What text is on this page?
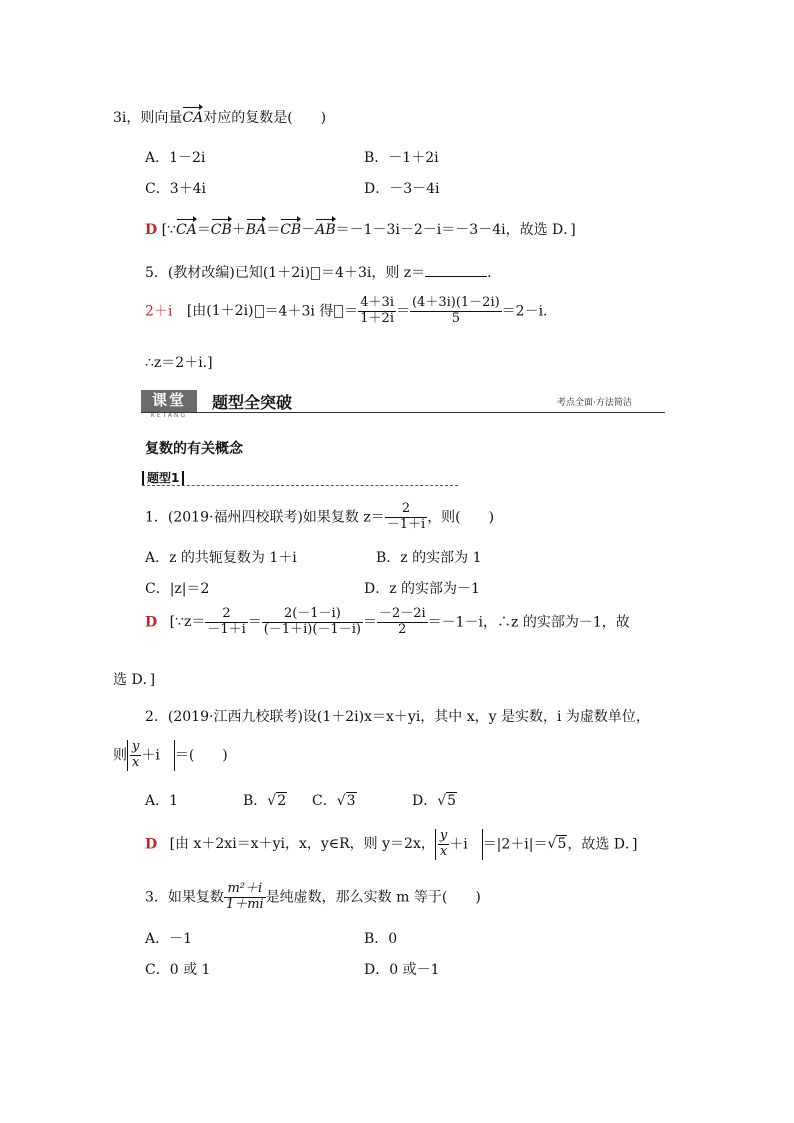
3i，则向量CA对应的复数是(　　)
A．1－2i	B．－1＋2i
C．3＋4i	D．－3－4i
D [∵CA＝CB＋BA＝CB－AB＝－1－3i－2－i＝－3－4i，故选 D．]
5．(教材改编)已知(1＋2i) ＝4＋3i，则 z＝	.
2＋i [由(1＋2i) ＝4＋3i 得 ＝ $\frac{4+3i}{1+2i} = \frac{(4+3i)(1-2i)}{5} =2-i$.
∴z＝2＋i.]
课堂
KETANG
题型全突破	考点全面·方法简洁
复数的有关概念
题型1
1．(2019·福州四校联考)如果复数 $z= \frac{2}{-1+i}$ ，则(　　)
A．z 的共轭复数为 1＋i	B．z 的实部为 1
C．|z|＝2	D．z 的实部为－1
D [∵z＝ $\frac{2}{-1+i} = \frac{2(-1-i)}{(-1+i)(-1-i)} = \frac{-2-2i}{2} =-1-i$，∴z 的实部为－1，故
选 D．]
2．(2019·江西九校联考)设(1＋2i)x＝x＋yi，其中 x，y 是实数，i 为虚数单位，
则 $\frac{y}{x} +i$ ＝(　　)
A．1	B．√2 C．√3	D．√5
D [由 x＋2xi＝x＋yi，x，y∈R，则 y＝2x， $\frac{y}{x} +i =|2+i|=√5$，故选 D．]
3．如果复数 $\frac{\text{m²＋i}}{1+mi}$ 是纯虚数，那么实数 m 等于(　　)
A．－1	B．0
C．0 或 1	D．0 或－1
